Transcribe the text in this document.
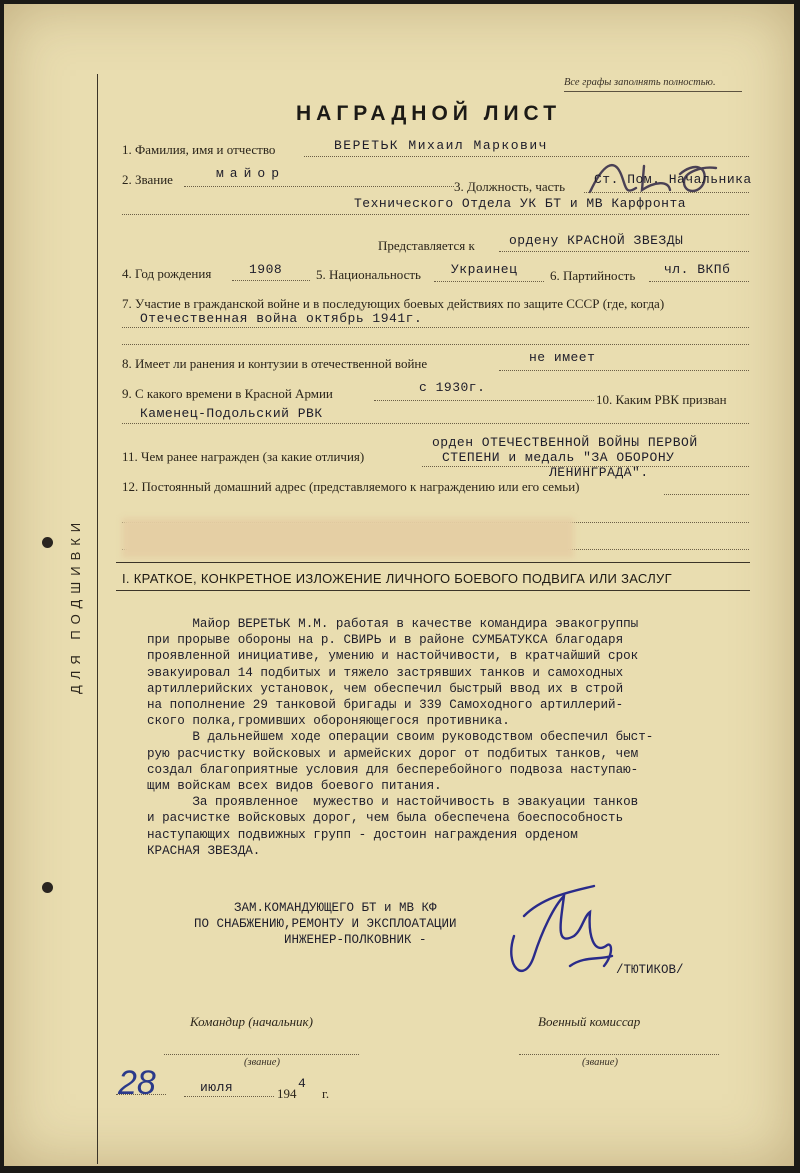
ДЛЯ ПОДШИВКИ
Все графы заполнять полностью.
НАГРАДНОЙ ЛИСТ
1. Фамилия, имя и отчество	ВЕРЕТЬК Михаил Маркович	ЛЬ6
2. Звание	майор
3. Должность, часть Ст. Пом. Начальника
Технического Отдела УК БТ и МВ Карфронта
Представляется к	ордену КРАСНОЙ ЗВЕЗДЫ
4. Год рождения	1908	5. Национальность Украинец	6. Партийность чл. ВКПб
7. Участие в гражданской войне и в последующих боевых действиях по защите СССР (где, когда)
Отечественная война октябрь 1941г.
8. Имеет ли ранения и контузии в отечественной войне	не имеет
9. С какого времени в Красной Армии	с 1930г.
10. Каким РВК призван
Каменец-Подольский РВК
11. Чем ранее награжден (за какие отличия)
орден ОТЕЧЕСТВЕННОЙ ВОЙНЫ ПЕРВОЙ
СТЕПЕНИ и медаль "ЗА ОБОРОНУ
ЛЕНИНГРАДА".
12. Постоянный домашний адрес (представляемого к награждению или его семьи)
I. КРАТКОЕ, КОНКРЕТНОЕ ИЗЛОЖЕНИЕ ЛИЧНОГО БОЕВОГО ПОДВИГА ИЛИ ЗАСЛУГ
Майор ВЕРЕТЬК М.М. работая в качестве командира эвакогруппы
при прорыве обороны на р. СВИРЬ и в районе СУМБАТУКСА благодаря
проявленной инициативе, умению и настойчивости, в кратчайший срок
эвакуировал 14 подбитых и тяжело застрявших танков и самоходных
артиллерийских установок, чем обеспечил быстрый ввод их в строй
на пополнение 29 танковой бригады и 339 Самоходного артиллерий-
ского полка,громивших обороняющегося противника.
В дальнейшем ходе операции своим руководством обеспечил быст-
рую расчистку войсковых и армейских дорог от подбитых танков, чем
создал благоприятные условия для бесперебойного подвоза наступаю-
щим войскам всех видов боевого питания.
За проявленное  мужество и настойчивость в эвакуации танков
и расчистке войсковых дорог, чем была обеспечена боеспособность
наступающих подвижных групп - достоин награждения орденом
КРАСНАЯ ЗВЕЗДА.
ЗАМ.КОМАНДУЮЩЕГО БТ и МВ КФ
ПО СНАБЖЕНИЮ,РЕМОНТУ И ЭКСПЛОАТАЦИИ
ИНЖЕНЕР-ПОЛКОВНИК -
/ТЮТИКОВ/
Командир (начальник)	Военный комиссар
(звание)	(звание)
28	июля	194
4
г.
